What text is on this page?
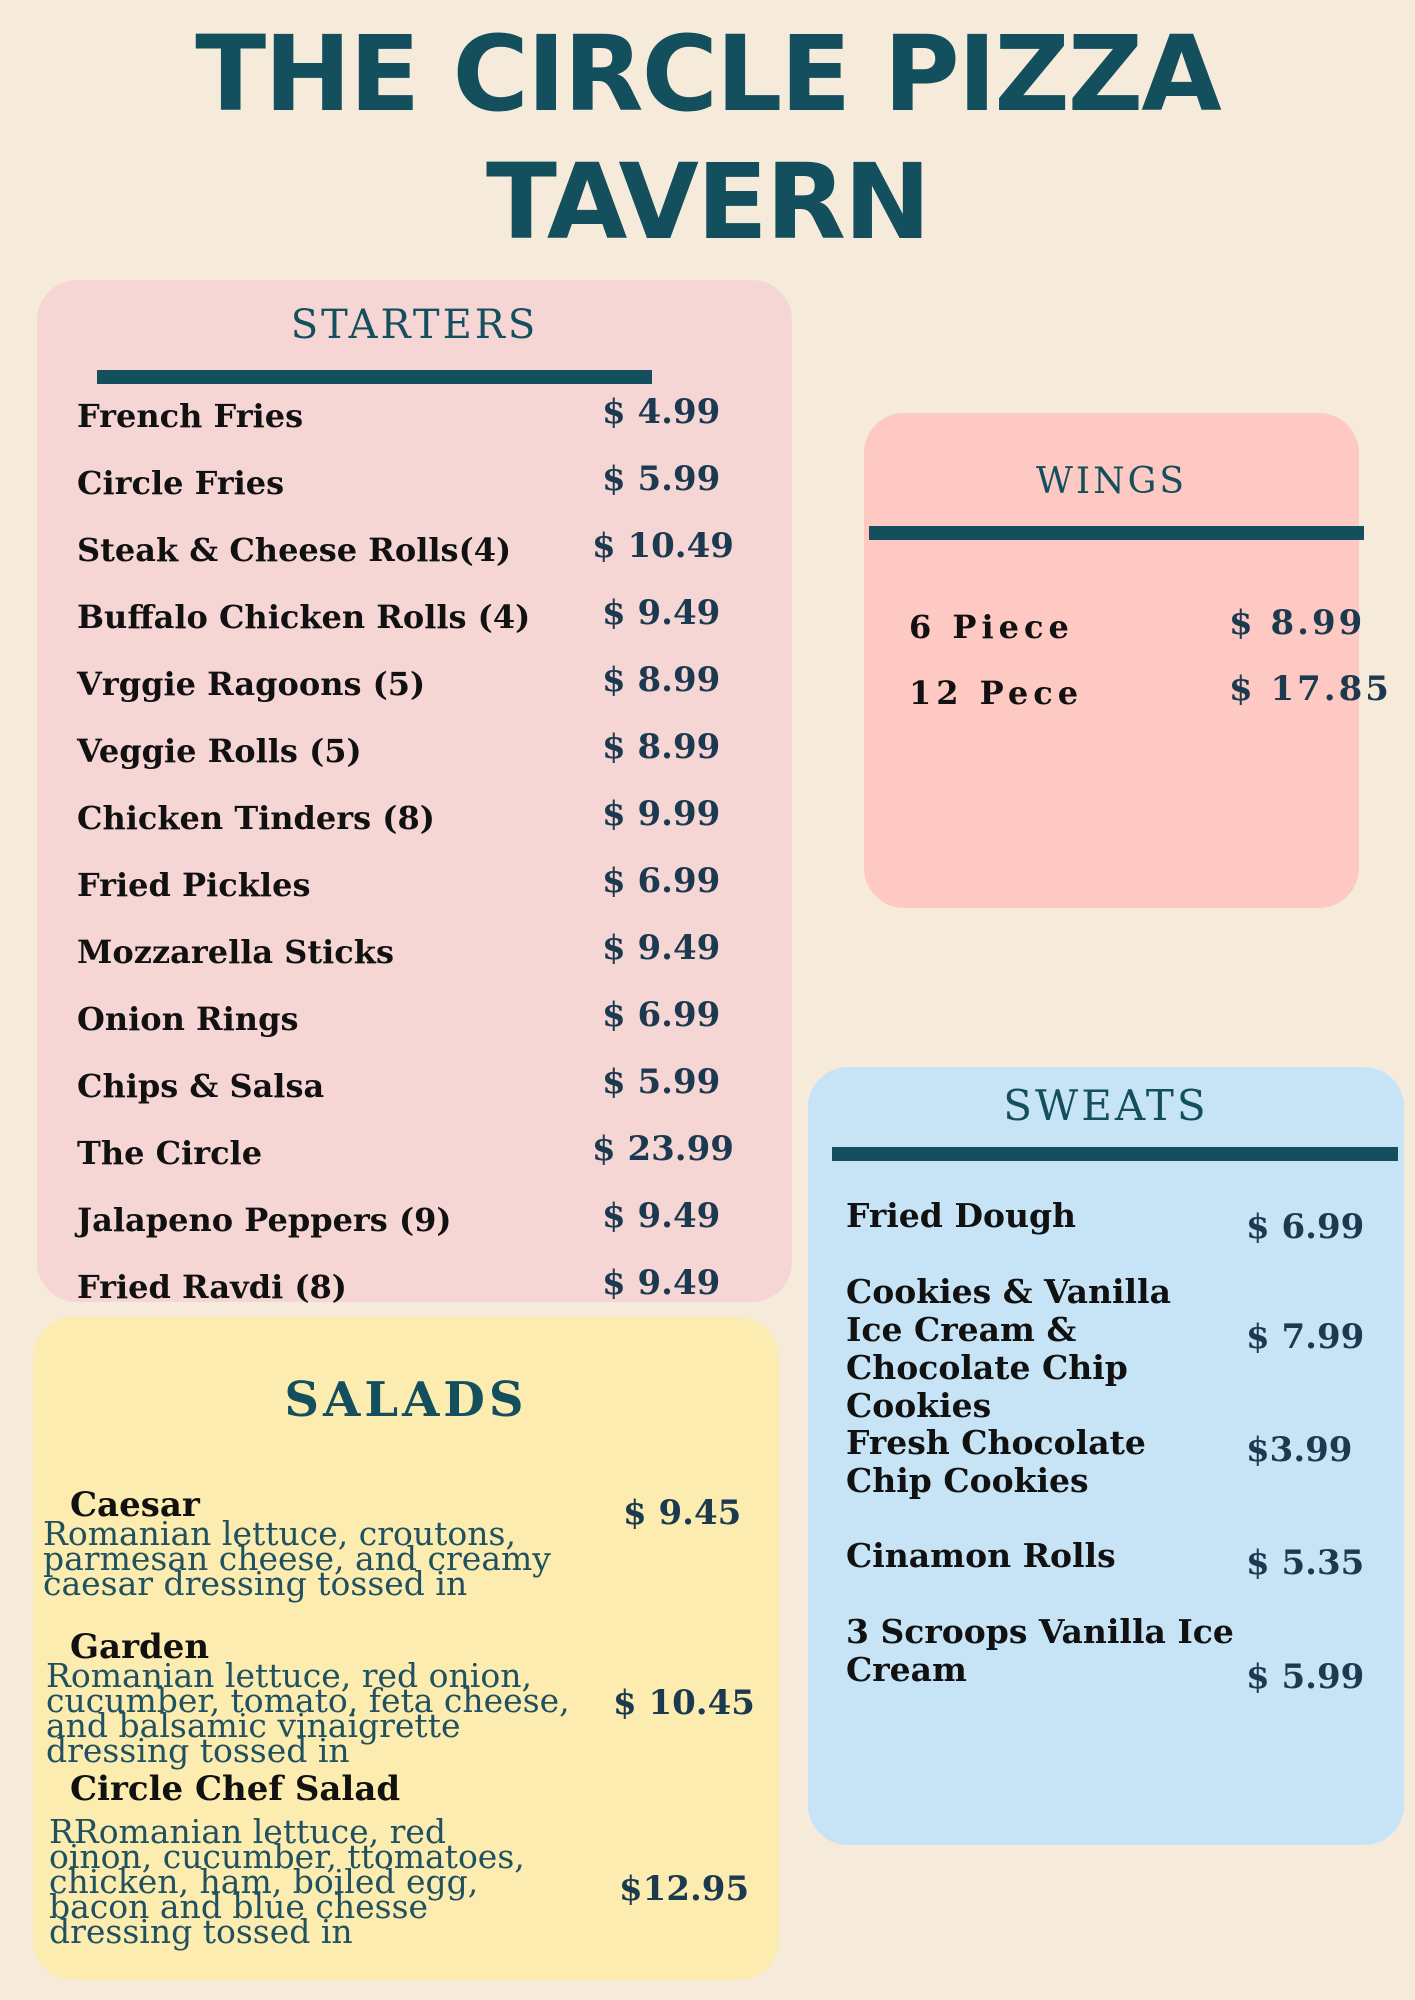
THE CIRCLE PIZZA
TAVERN
STARTERS
French Fries	$ 4.99
Circle Fries	$ 5.99
Steak & Cheese Rolls(4) $ 10.49
Buffalo Chicken Rolls (4) $ 9.49
Vrggie Ragoons (5)	$ 8.99
Veggie Rolls (5)	$ 8.99
Chicken Tinders (8)	$ 9.99
Fried Pickles	$ 6.99
Mozzarella Sticks	$ 9.49
Onion Rings	$ 6.99
Chips & Salsa	$ 5.99
The Circle	$ 23.99
Jalapeno Peppers (9)	$ 9.49
Fried Ravdi (8)	$ 9.49
WINGS
6 Piece	$ 8.99
12 Pece	$ 17.85
SWEATS
Fried Dough	$ 6.99
Cookies & Vanilla Ice Cream & Chocolate Chip Cookies
$ 7.99
Fresh Chocolate Chip Cookies
$3.99
Cinamon Rolls	$ 5.35
3 Scroops Vanilla Ice Cream	$ 5.99
SALADS
Caesar
Romanian lettuce, croutons, parmesan cheese, and creamy caesar dressing tossed in
$ 9.45
Garden
Romanian lettuce, red onion, cucumber, tomato, feta cheese, and balsamic vinaigrette dressing tossed in
$ 10.45
Circle Chef Salad
RRomanian lettuce, red oinon, cucumber, ttomatoes, chicken, ham, boiled egg, bacon and blue chesse dressing tossed in
$12.95
